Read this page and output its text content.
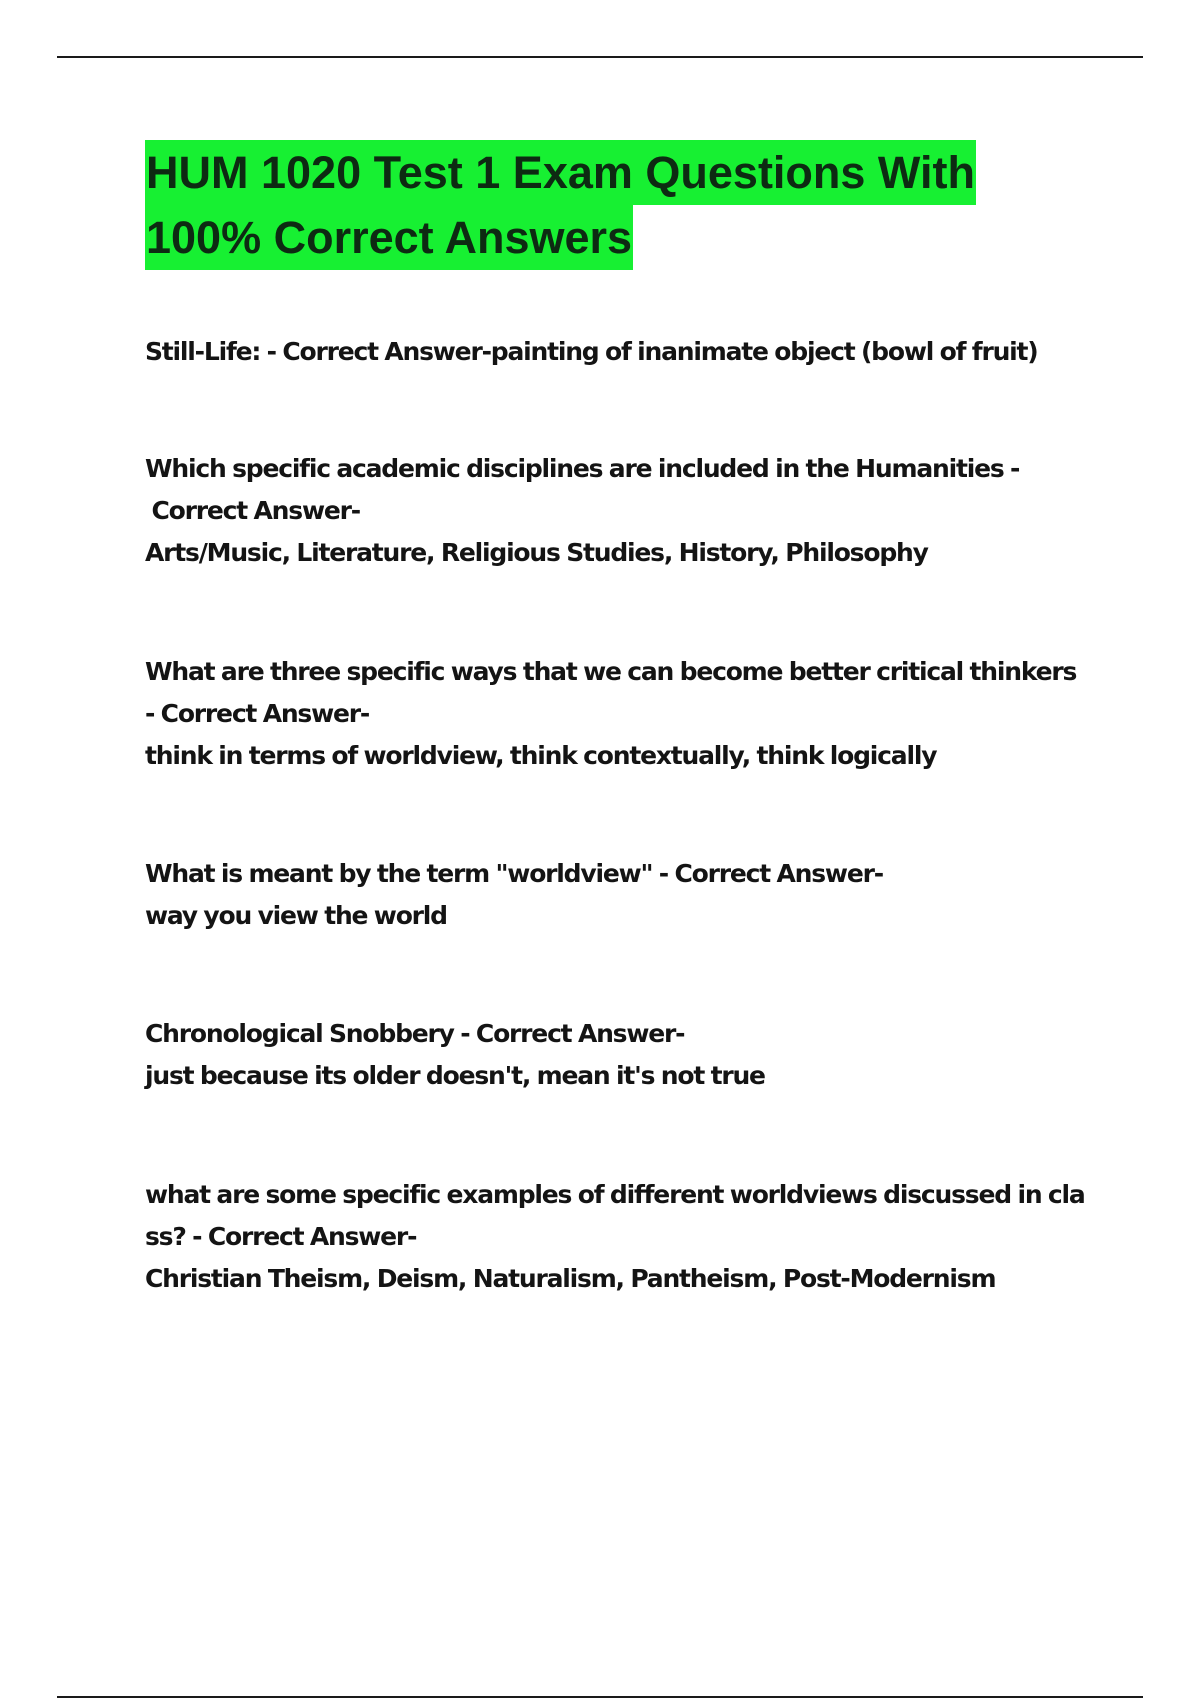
HUM 1020 Test 1 Exam Questions With
100% Correct Answers
Still-Life: - Correct Answer-painting of inanimate object (bowl of fruit)
Which specific academic disciplines are included in the Humanities -
Correct Answer-
Arts/Music, Literature, Religious Studies, History, Philosophy
What are three specific ways that we can become better critical thinkers
- Correct Answer-
think in terms of worldview, think contextually, think logically
What is meant by the term "worldview" - Correct Answer-
way you view the world
Chronological Snobbery - Correct Answer-
just because its older doesn't, mean it's not true
what are some specific examples of different worldviews discussed in cla
ss? - Correct Answer-
Christian Theism, Deism, Naturalism, Pantheism, Post-Modernism
